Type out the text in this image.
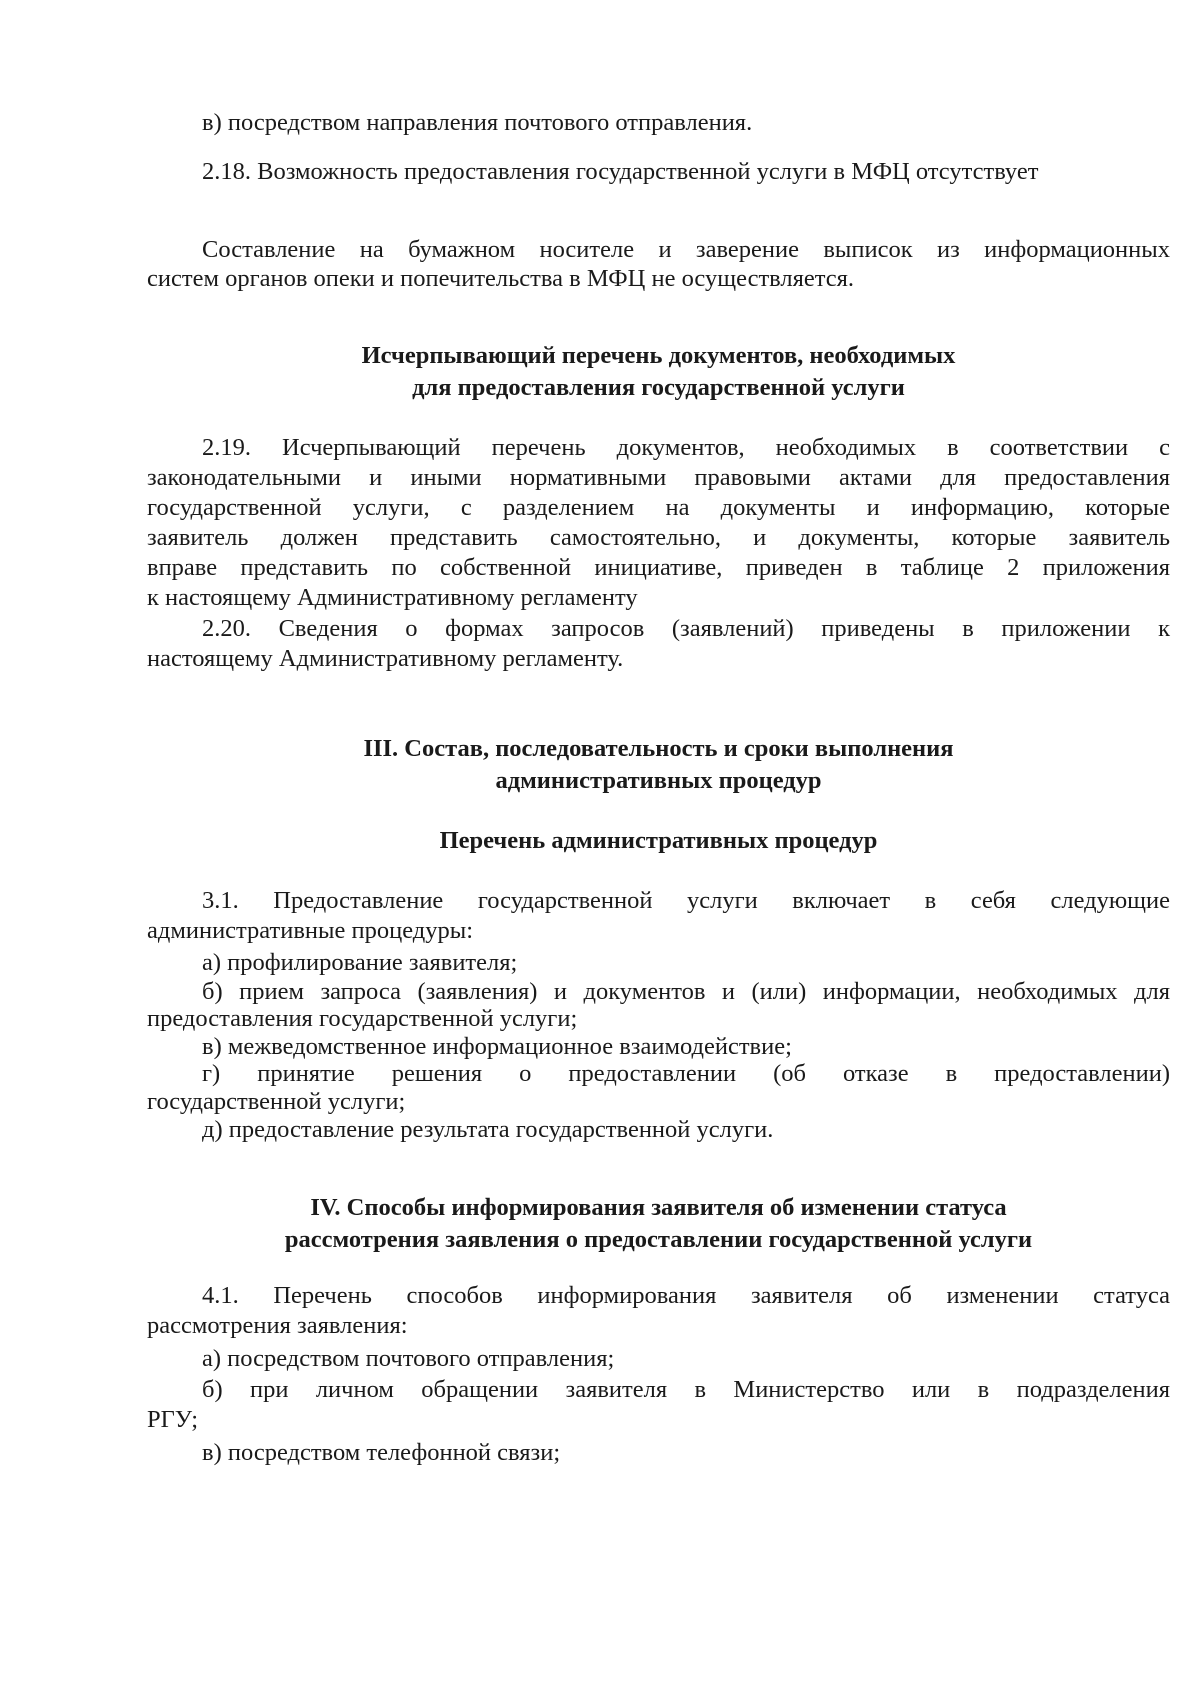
в) посредством направления почтового отправления.
2.18. Возможность предоставления государственной услуги в МФЦ отсутствует
Составление на бумажном носителе и заверение выписок из информационных
систем органов опеки и попечительства в МФЦ не осуществляется.
Исчерпывающий перечень документов, необходимых
для предоставления государственной услуги
2.19. Исчерпывающий перечень документов, необходимых в соответствии с
законодательными и иными нормативными правовыми актами для предоставления
государственной услуги, с разделением на документы и информацию, которые
заявитель должен представить самостоятельно, и документы, которые заявитель
вправе представить по собственной инициативе, приведен в таблице 2 приложения
к настоящему Административному регламенту
2.20. Сведения о формах запросов (заявлений) приведены в приложении к
настоящему Административному регламенту.
III. Состав, последовательность и сроки выполнения
административных процедур
Перечень административных процедур
3.1. Предоставление государственной услуги включает в себя следующие
административные процедуры:
а) профилирование заявителя;
б) прием запроса (заявления) и документов и (или) информации, необходимых для
предоставления государственной услуги;
в) межведомственное информационное взаимодействие;
г) принятие решения о предоставлении (об отказе в предоставлении)
государственной услуги;
д) предоставление результата государственной услуги.
IV. Способы информирования заявителя об изменении статуса
рассмотрения заявления о предоставлении государственной услуги
4.1. Перечень способов информирования заявителя об изменении статуса
рассмотрения заявления:
а) посредством почтового отправления;
б) при личном обращении заявителя в Министерство или в подразделения
РГУ;
в) посредством телефонной связи;
